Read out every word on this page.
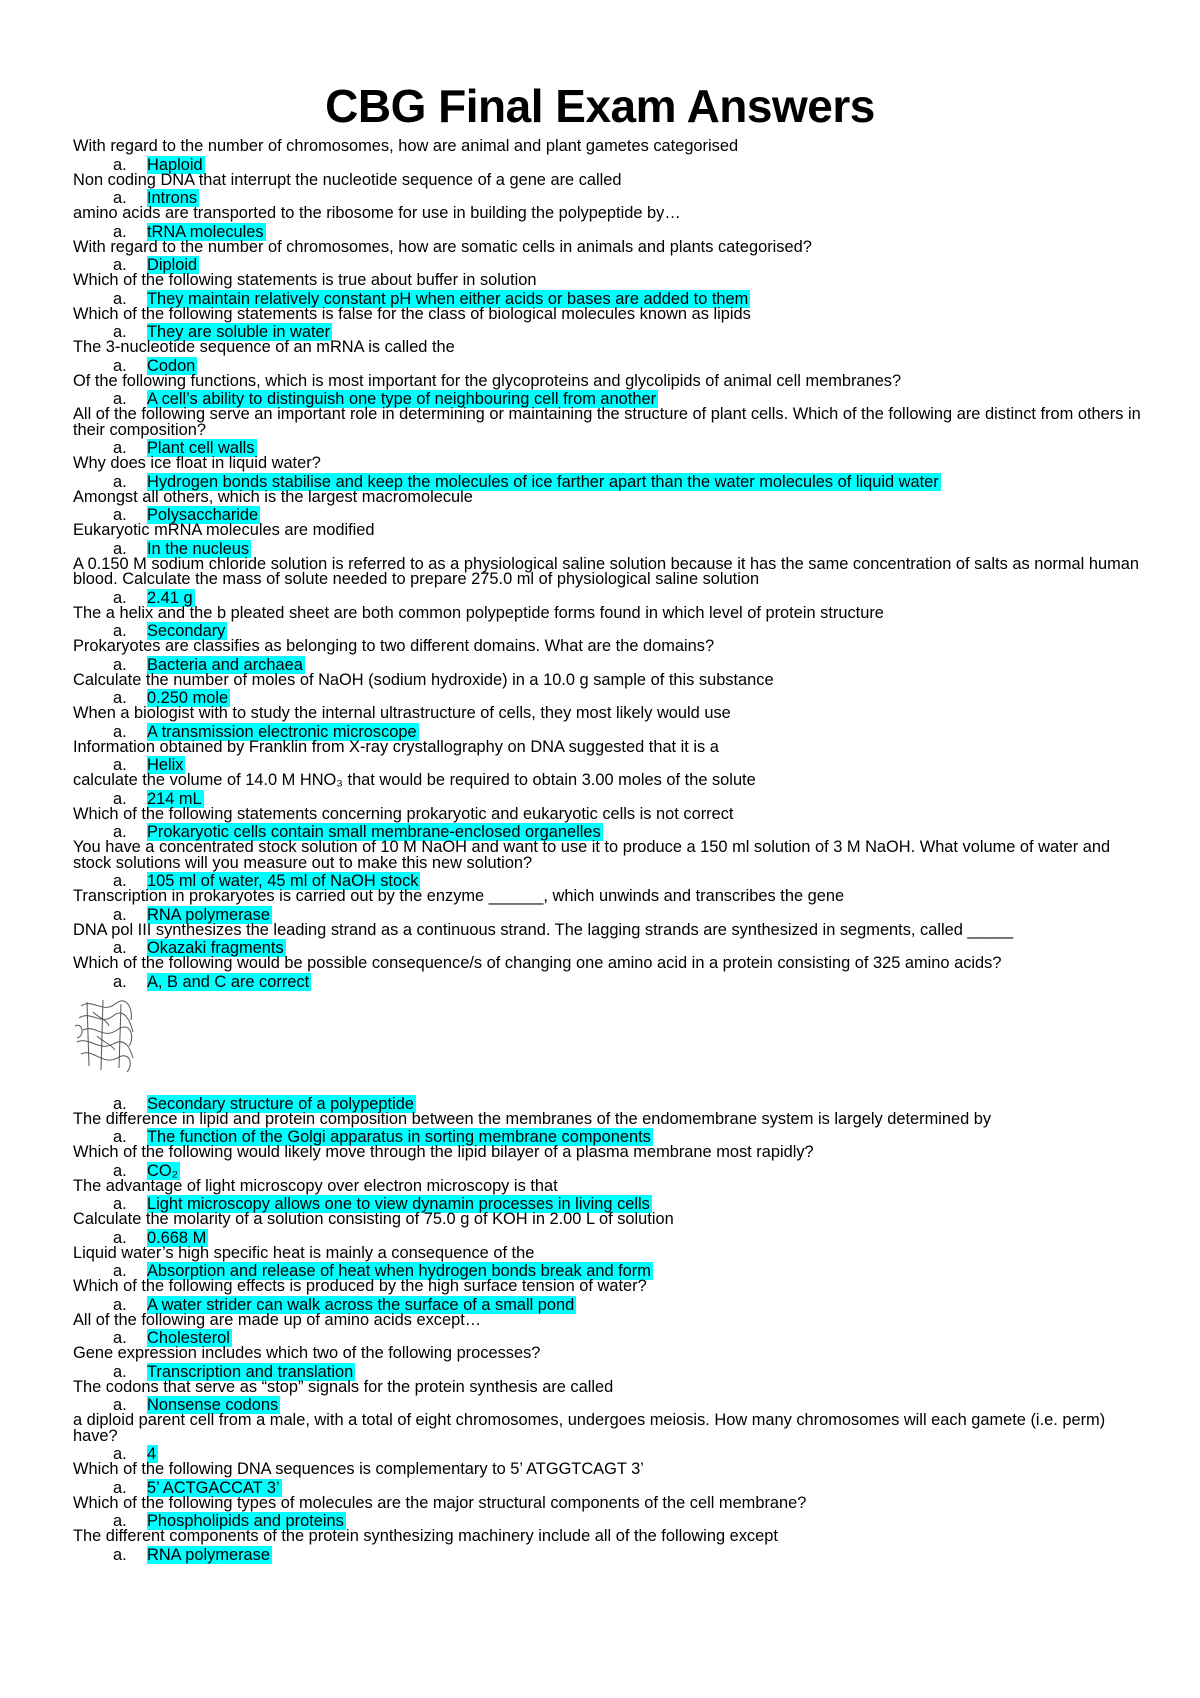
CBG Final Exam Answers
With regard to the number of chromosomes, how are animal and plant gametes categorised
a. Haploid
Non coding DNA that interrupt the nucleotide sequence of a gene are called
a. Introns
amino acids are transported to the ribosome for use in building the polypeptide by…
a. tRNA molecules
With regard to the number of chromosomes, how are somatic cells in animals and plants categorised?
a. Diploid
Which of the following statements is true about buffer in solution
a. They maintain relatively constant pH when either acids or bases are added to them
Which of the following statements is false for the class of biological molecules known as lipids
a. They are soluble in water
The 3-nucleotide sequence of an mRNA is called the
a. Codon
Of the following functions, which is most important for the glycoproteins and glycolipids of animal cell membranes?
a. A cell’s ability to distinguish one type of neighbouring cell from another
All of the following serve an important role in determining or maintaining the structure of plant cells. Which of the following are distinct from others in their composition?
a. Plant cell walls
Why does ice float in liquid water?
a. Hydrogen bonds stabilise and keep the molecules of ice farther apart than the water molecules of liquid water
Amongst all others, which is the largest macromolecule
a. Polysaccharide
Eukaryotic mRNA molecules are modified
a. In the nucleus
A 0.150 M sodium chloride solution is referred to as a physiological saline solution because it has the same concentration of salts as normal human blood. Calculate the mass of solute needed to prepare 275.0 ml of physiological saline solution
a. 2.41 g
The a helix and the b pleated sheet are both common polypeptide forms found in which level of protein structure
a. Secondary
Prokaryotes are classifies as belonging to two different domains. What are the domains?
a. Bacteria and archaea
Calculate the number of moles of NaOH (sodium hydroxide) in a 10.0 g sample of this substance
a. 0.250 mole
When a biologist with to study the internal ultrastructure of cells, they most likely would use
a. A transmission electronic microscope
Information obtained by Franklin from X-ray crystallography on DNA suggested that it is a
a. Helix
calculate the volume of 14.0 M HNO₃ that would be required to obtain 3.00 moles of the solute
a. 214 mL
Which of the following statements concerning prokaryotic and eukaryotic cells is not correct
a. Prokaryotic cells contain small membrane-enclosed organelles
You have a concentrated stock solution of 10 M NaOH and want to use it to produce a 150 ml solution of 3 M NaOH. What volume of water and stock solutions will you measure out to make this new solution?
a. 105 ml of water, 45 ml of NaOH stock
Transcription in prokaryotes is carried out by the enzyme ______, which unwinds and transcribes the gene
a. RNA polymerase
DNA pol III synthesizes the leading strand as a continuous strand. The lagging strands are synthesized in segments, called _____
a. Okazaki fragments
Which of the following would be possible consequence/s of changing one amino acid in a protein consisting of 325 amino acids?
a. A, B and C are correct
a. Secondary structure of a polypeptide
The difference in lipid and protein composition between the membranes of the endomembrane system is largely determined by
a. The function of the Golgi apparatus in sorting membrane components
Which of the following would likely move through the lipid bilayer of a plasma membrane most rapidly?
a. CO₂
The advantage of light microscopy over electron microscopy is that
a. Light microscopy allows one to view dynamin processes in living cells
Calculate the molarity of a solution consisting of 75.0 g of KOH in 2.00 L of solution
a. 0.668 M
Liquid water’s high specific heat is mainly a consequence of the
a. Absorption and release of heat when hydrogen bonds break and form
Which of the following effects is produced by the high surface tension of water?
a. A water strider can walk across the surface of a small pond
All of the following are made up of amino acids except…
a. Cholesterol
Gene expression includes which two of the following processes?
a. Transcription and translation
The codons that serve as “stop” signals for the protein synthesis are called
a. Nonsense codons
a diploid parent cell from a male, with a total of eight chromosomes, undergoes meiosis. How many chromosomes will each gamete (i.e. perm) have?
a. 4
Which of the following DNA sequences is complementary to 5’ ATGGTCAGT 3’
a. 5’ ACTGACCAT 3’
Which of the following types of molecules are the major structural components of the cell membrane?
a. Phospholipids and proteins
The different components of the protein synthesizing machinery include all of the following except
a. RNA polymerase
